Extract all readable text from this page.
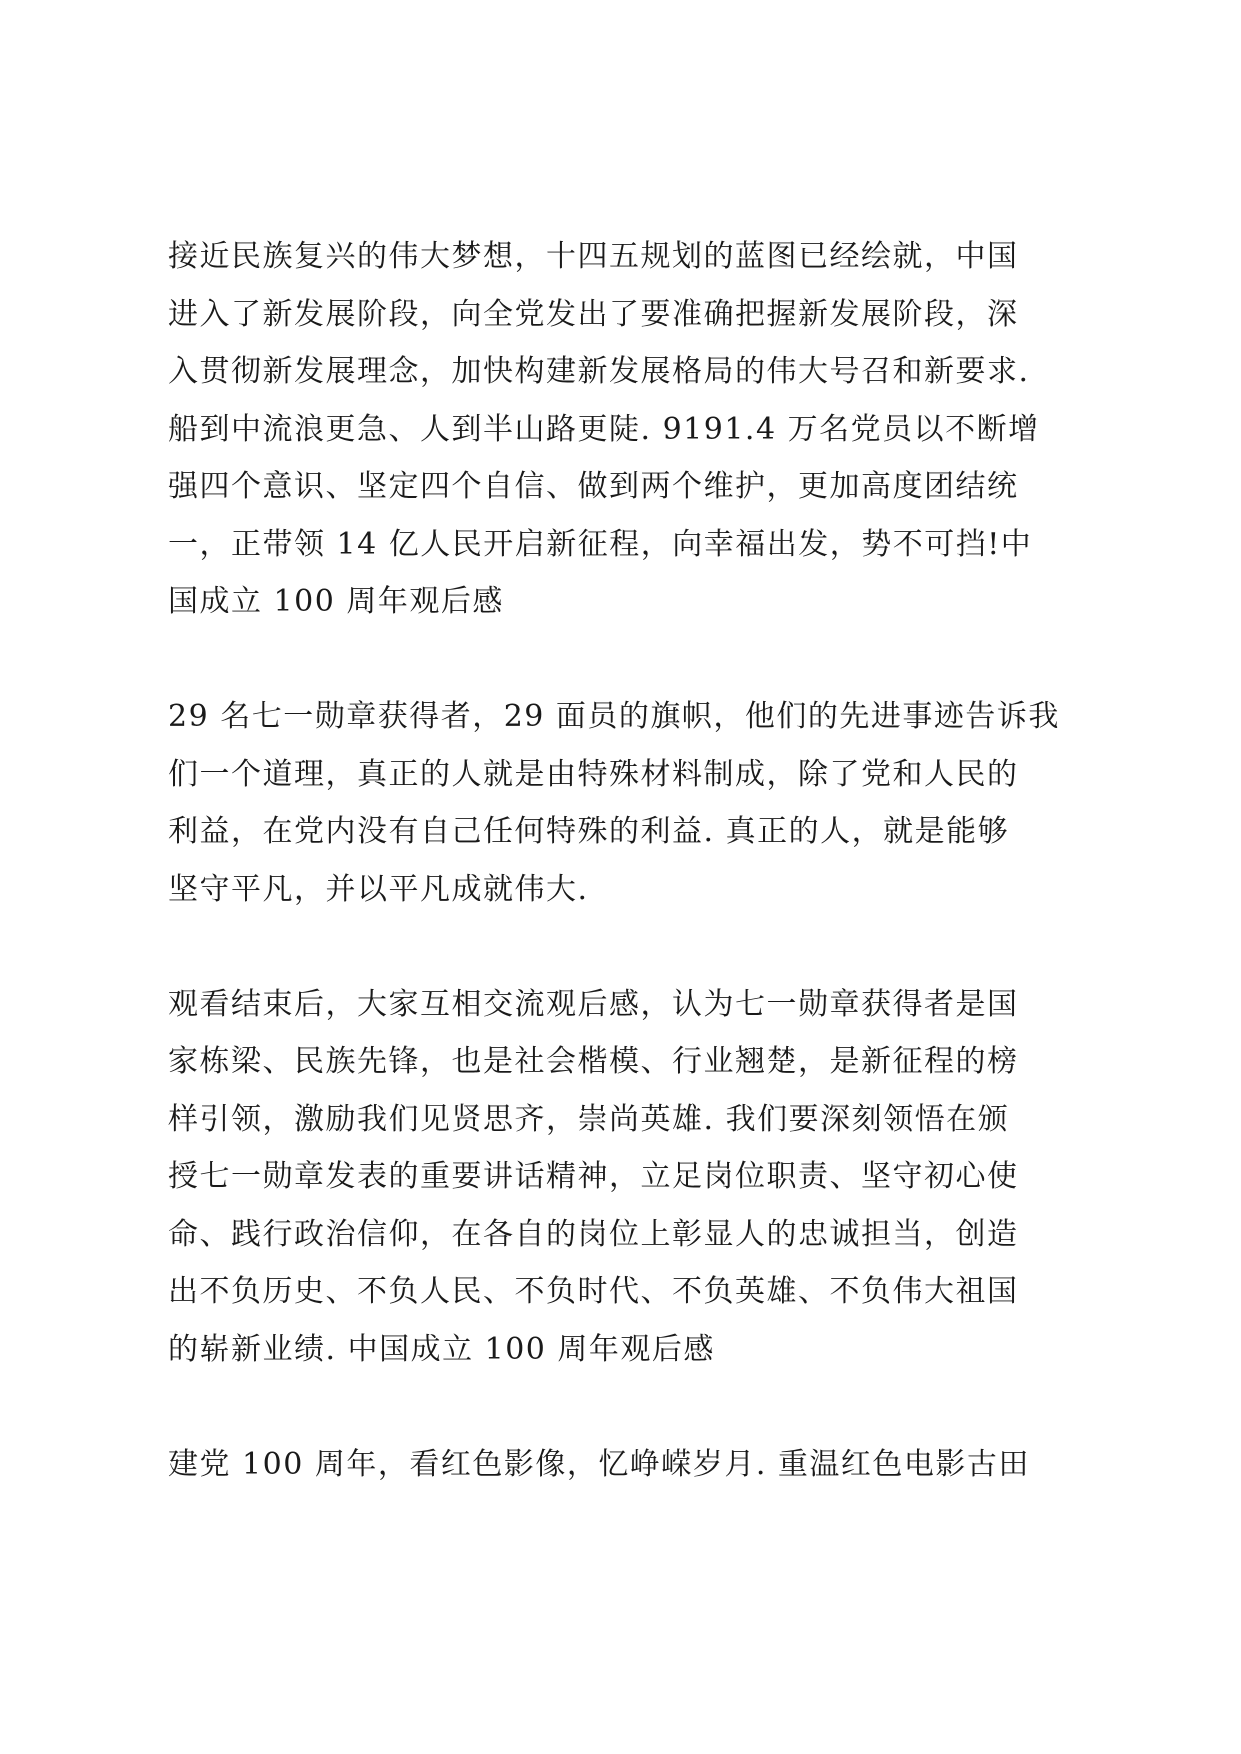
接近民族复兴的伟大梦想，十四五规划的蓝图已经绘就，中国
进入了新发展阶段，向全党发出了要准确把握新发展阶段，深
入贯彻新发展理念，加快构建新发展格局的伟大号召和新要求.
船到中流浪更急、人到半山路更陡. 9191.4 万名党员以不断增
强四个意识、坚定四个自信、做到两个维护，更加高度团结统
一，正带领 14 亿人民开启新征程，向幸福出发，势不可挡!中
国成立 100 周年观后感

29 名七一勋章获得者，29 面员的旗帜，他们的先进事迹告诉我
们一个道理，真正的人就是由特殊材料制成，除了党和人民的
利益，在党内没有自己任何特殊的利益. 真正的人，就是能够
坚守平凡，并以平凡成就伟大.

观看结束后，大家互相交流观后感，认为七一勋章获得者是国
家栋梁、民族先锋，也是社会楷模、行业翘楚，是新征程的榜
样引领，激励我们见贤思齐，崇尚英雄. 我们要深刻领悟在颁
授七一勋章发表的重要讲话精神，立足岗位职责、坚守初心使
命、践行政治信仰，在各自的岗位上彰显人的忠诚担当，创造
出不负历史、不负人民、不负时代、不负英雄、不负伟大祖国
的崭新业绩. 中国成立 100 周年观后感

建党 100 周年，看红色影像，忆峥嵘岁月. 重温红色电影古田
